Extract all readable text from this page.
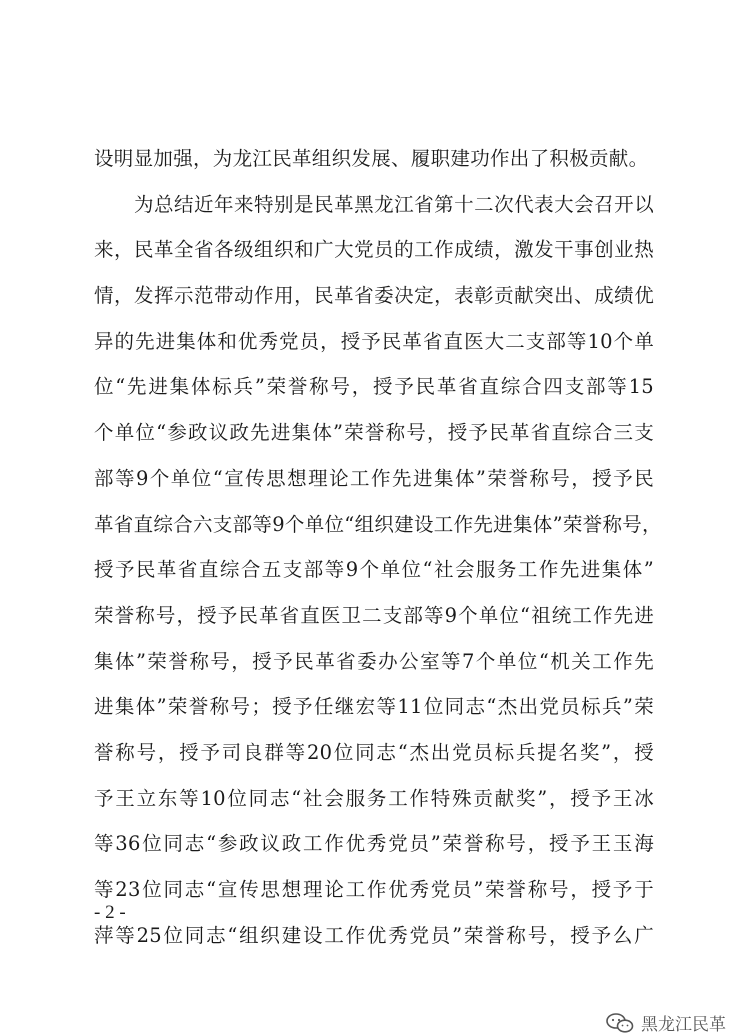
设明显加强，为龙江民革组织发展、履职建功作出了积极贡献。
为总结近年来特别是民革黑龙江省第十二次代表大会召开以
来，民革全省各级组织和广大党员的工作成绩，激发干事创业热
情，发挥示范带动作用，民革省委决定，表彰贡献突出、成绩优
异的先进集体和优秀党员，授予民革省直医大二支部等10个单
位“先进集体标兵”荣誉称号，授予民革省直综合四支部等15
个单位“参政议政先进集体”荣誉称号，授予民革省直综合三支
部等9个单位“宣传思想理论工作先进集体”荣誉称号，授予民
革省直综合六支部等9个单位“组织建设工作先进集体”荣誉称号，
授予民革省直综合五支部等9个单位“社会服务工作先进集体”
荣誉称号，授予民革省直医卫二支部等9个单位“祖统工作先进
集体”荣誉称号，授予民革省委办公室等7个单位“机关工作先
进集体”荣誉称号；授予任继宏等11位同志“杰出党员标兵”荣
誉称号，授予司良群等20位同志“杰出党员标兵提名奖”，授
予王立东等10位同志“社会服务工作特殊贡献奖”，授予王冰
等36位同志“参政议政工作优秀党员”荣誉称号，授予王玉海
等23位同志“宣传思想理论工作优秀党员”荣誉称号，授予于
萍等25位同志“组织建设工作优秀党员”荣誉称号，授予么广
- 2 -
黑龙江民革
